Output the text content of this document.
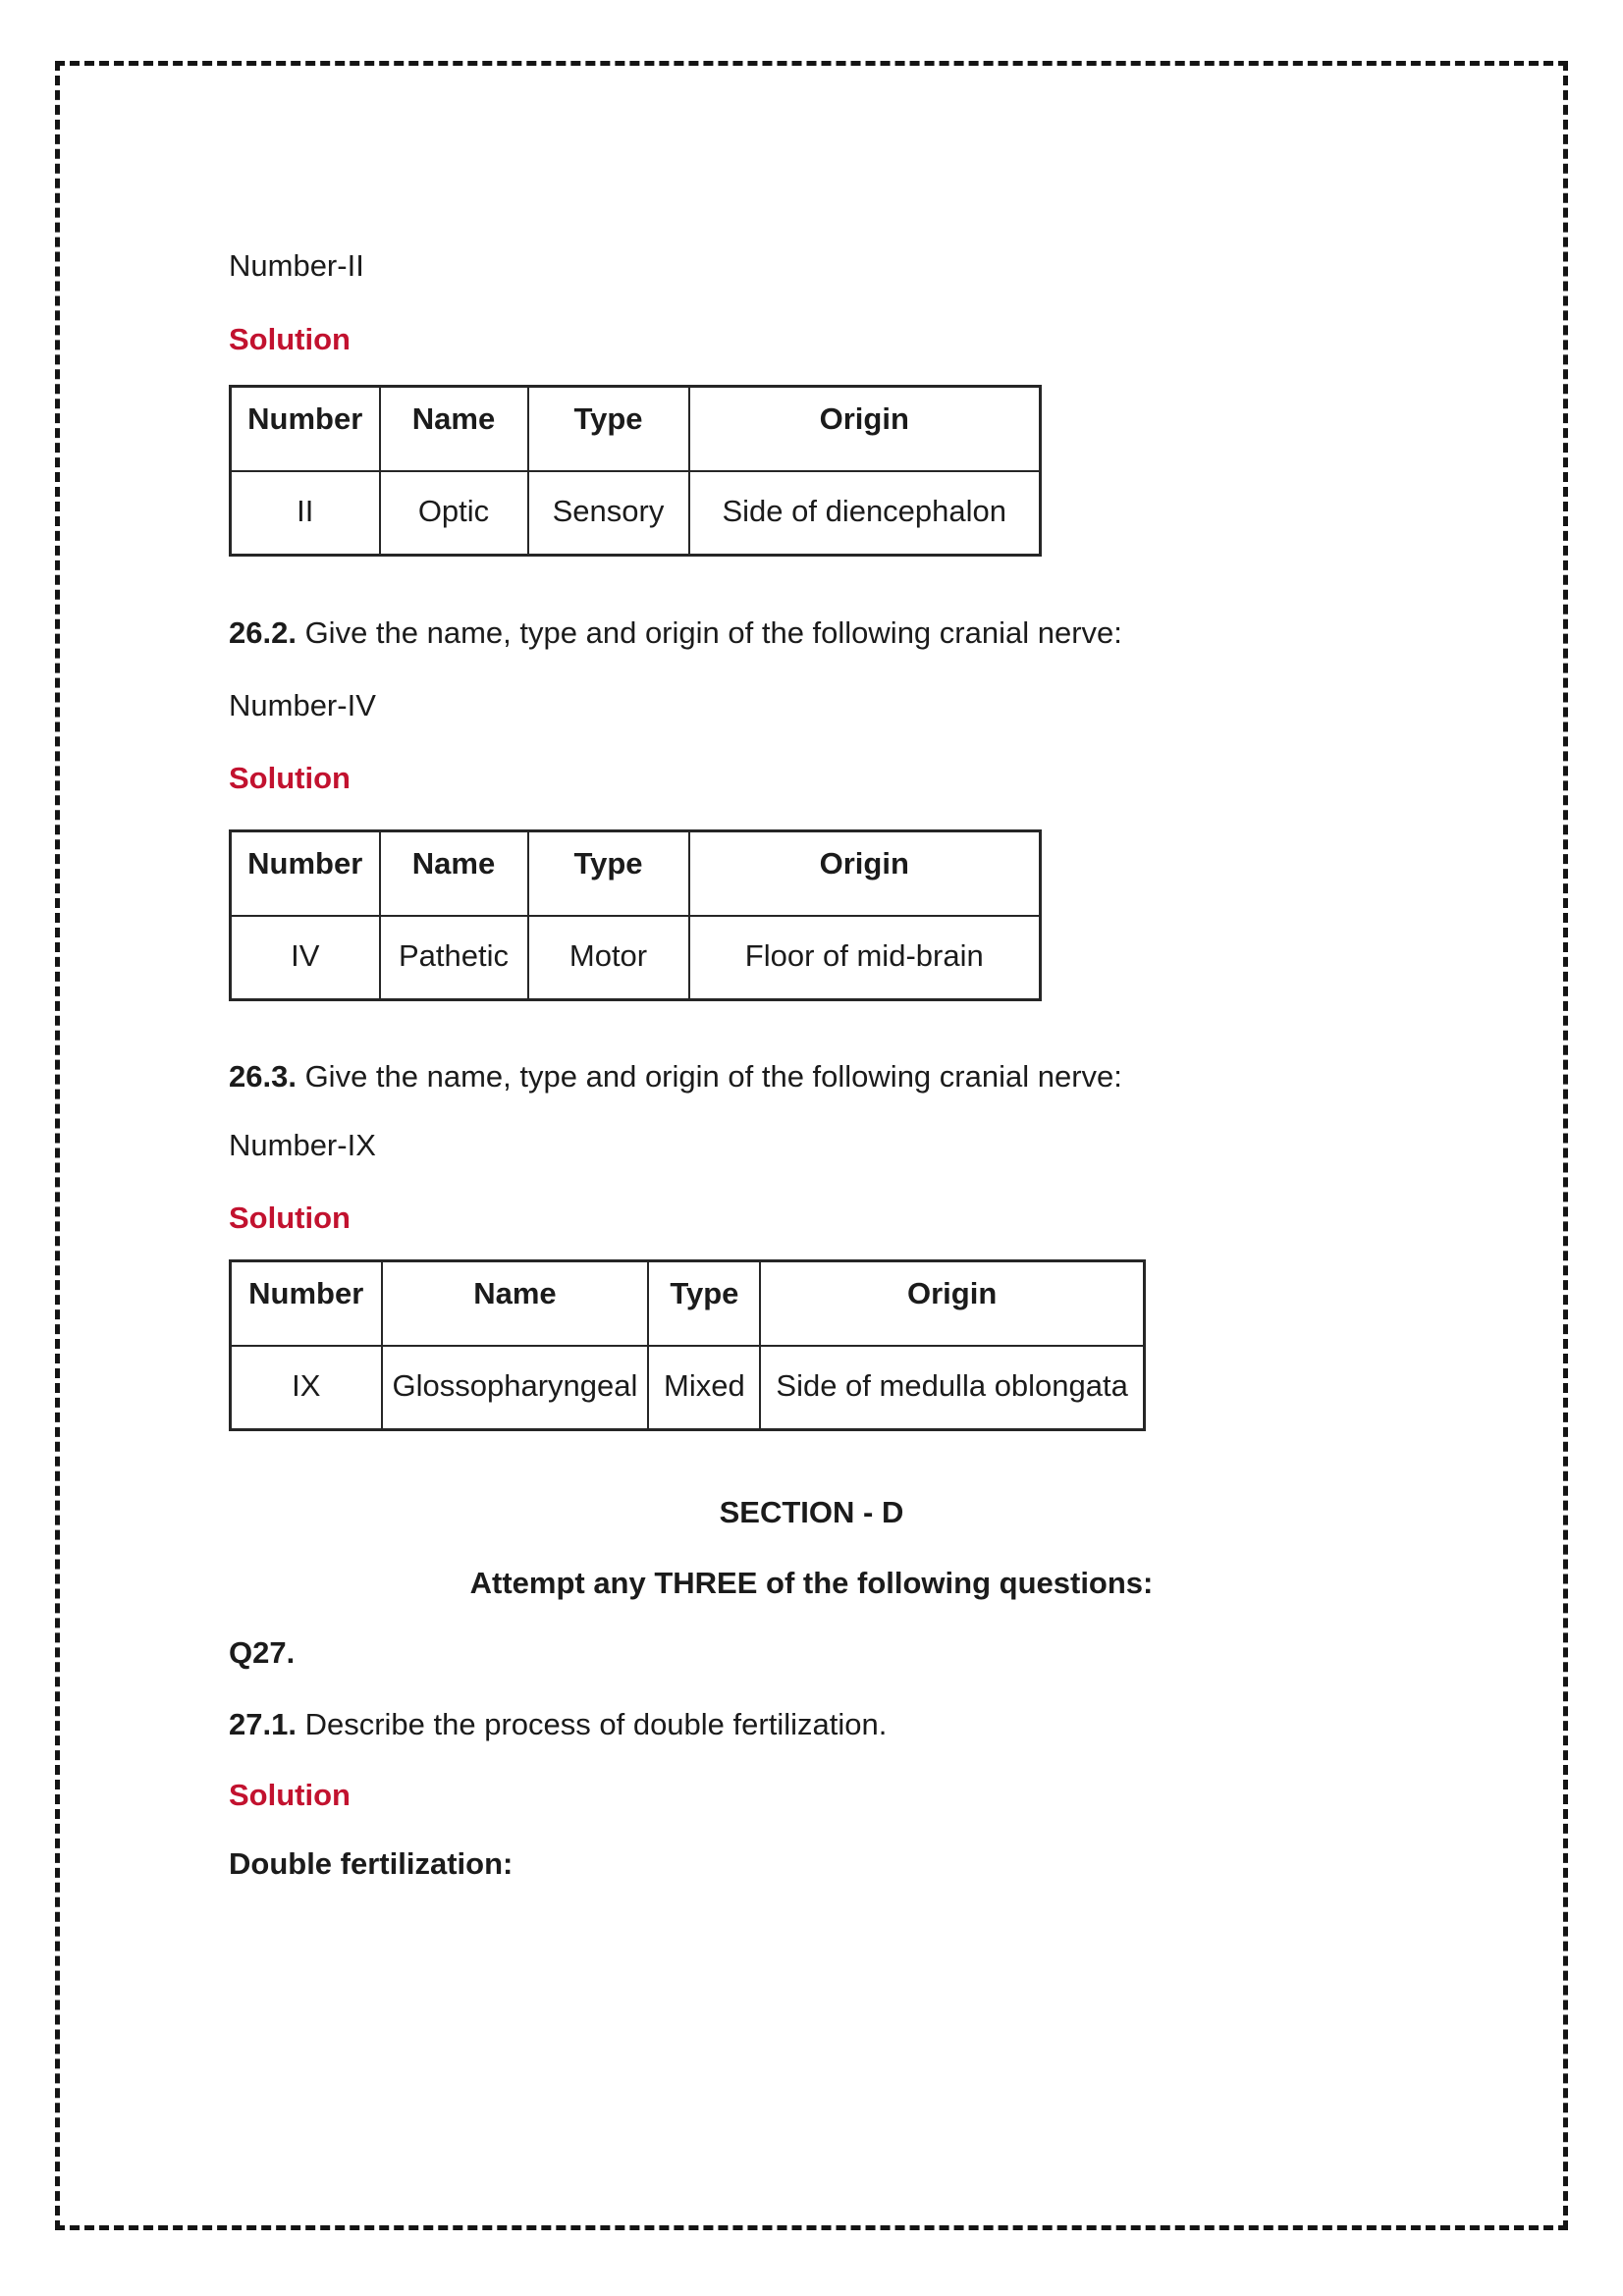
Number-II
Solution
Number	Name	Type	Origin
II	Optic	Sensory	Side of diencephalon
26.2. Give the name, type and origin of the following cranial nerve:
Number-IV
Solution
Number	Name	Type	Origin
IV	Pathetic	Motor	Floor of mid-brain
26.3. Give the name, type and origin of the following cranial nerve:
Number-IX
Solution
Number	Name	Type	Origin
IX	Glossopharyngeal	Mixed	Side of medulla oblongata
SECTION - D
Attempt any THREE of the following questions:
Q27.
27.1. Describe the process of double fertilization.
Solution
Double fertilization:
